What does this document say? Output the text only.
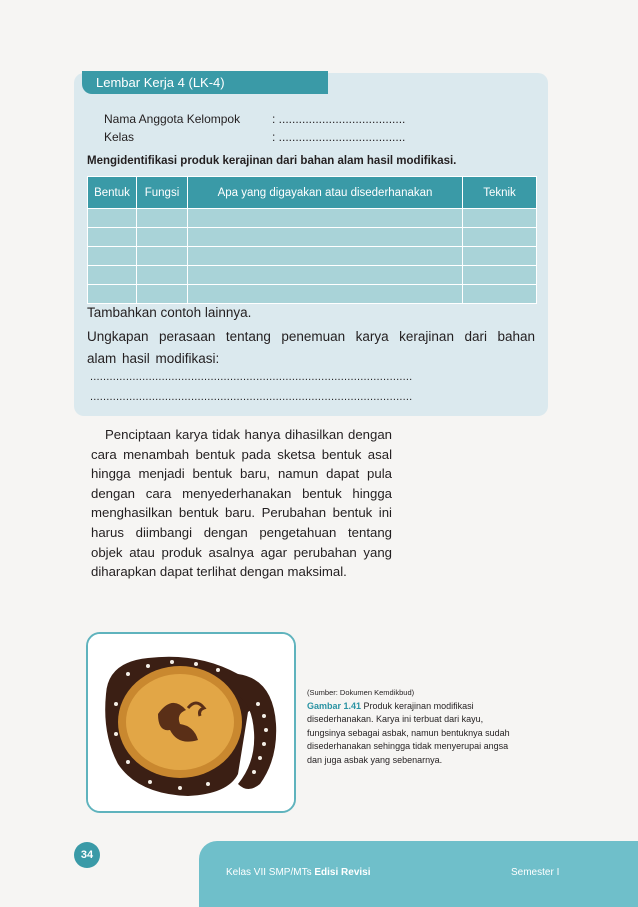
Lembar Kerja 4 (LK-4)
Nama Anggota Kelompok	: ......................................
Kelas	: ......................................
Mengidentifikasi produk kerajinan dari bahan alam hasil modifikasi.
Bentuk	Fungsi	Apa yang digayakan atau disederhanakan	Teknik

Tambahkan contoh lainnya.
Ungkapan perasaan tentang penemuan karya kerajinan dari bahan alam hasil modifikasi:
...................................................................................................
...................................................................................................
Penciptaan karya tidak hanya dihasilkan dengan cara menambah bentuk pada sketsa bentuk asal hingga menjadi bentuk baru, namun dapat pula dengan cara menyederhanakan bentuk hingga menghasilkan bentuk baru. Perubahan bentuk ini harus diimbangi dengan pengetahuan tentang objek atau produk asalnya agar perubahan yang diharapkan dapat terlihat dengan maksimal.
(Sumber: Dokumen Kemdikbud)
Gambar 1.41 Produk kerajinan modifikasi disederhanakan. Karya ini terbuat dari kayu, fungsinya sebagai asbak, namun bentuknya sudah disederhanakan sehingga tidak menyerupai angsa dan juga asbak yang sebenarnya.
34
Kelas VII SMP/MTs Edisi Revisi	Semester I
